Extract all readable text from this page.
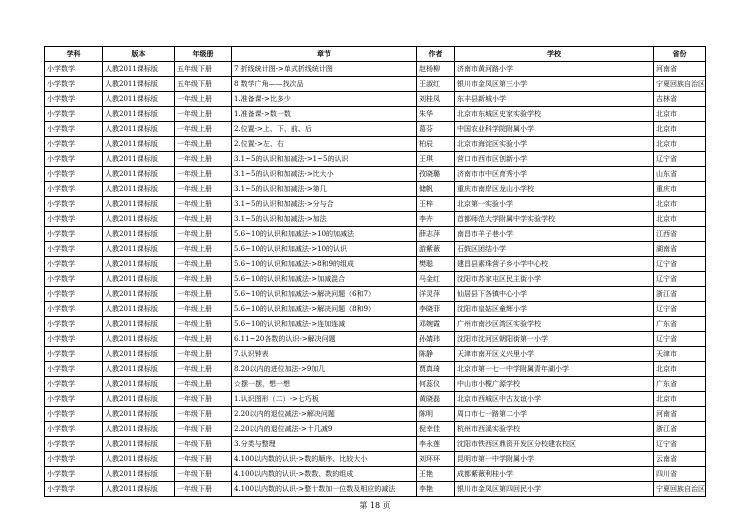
学科	版本	年级册	章节	作者	学校	省份
小学数学	人教2011课标版	五年级下册	7 折线统计图->单式折线统计图	赵杨柳	济南市黄河路小学	河南省
小学数学	人教2011课标版	五年级下册	8 数学广角——找次品	王淑红	银川市金凤区第三小学	宁夏回族自治区
小学数学	人教2011课标版	一年级上册	1.准备课->比多少	刘桂凤	东丰县新城小学	吉林省
小学数学	人教2011课标版	一年级上册	1.准备课->数一数	朱华	北京市东城区史家实验学校	北京市
小学数学	人教2011课标版	一年级上册	2.位置->上、下、前、后	葛芬	中国农业科学院附属小学	北京市
小学数学	人教2011课标版	一年级上册	2.位置->左、右	柏辰	北京市海淀区实验小学	北京市
小学数学	人教2011课标版	一年级上册	3.1~5的认识和加减法->1~5的认识	王琪	营口市西市区创新小学	辽宁省
小学数学	人教2011课标版	一年级上册	3.1~5的认识和加减法->比大小	孜晓璐	济南市市中区育秀小学	山东省
小学数学	人教2011课标版	一年级上册	3.1~5的认识和加减法->第几	储帆	重庆市南岸区龙山小学校	重庆市
小学数学	人教2011课标版	一年级上册	3.1~5的认识和加减法->分与合	王梓	北京第一实验小学	北京市
小学数学	人教2011课标版	一年级上册	3.1~5的认识和加减法->加法	李卉	首都师范大学附属中学实验学校	北京市
小学数学	人教2011课标版	一年级上册	5.6~10的认识和加减法->10的加减法	薛志萍	南昌市羊子巷小学	江西省
小学数学	人教2011课标版	一年级上册	5.6~10的认识和加减法->10的认识	游紫薇	石鼓区团结小学	湖南省
小学数学	人教2011课标版	一年级上册	5.6~10的认识和加减法->8和9的组成	樊聪	建昌县素珠营子乡小学中心校	辽宁省
小学数学	人教2011课标版	一年级上册	5.6~10的认识和加减法->加减混合	马金红	沈阳市苏家屯区民主街小学	辽宁省
小学数学	人教2011课标版	一年级上册	5.6~10的认识和加减法->解决问题（6和7）	洋灵萍	仙居县下各镇中心小学	浙江省
小学数学	人教2011课标版	一年级上册	5.6~10的认识和加减法->解决问题（8和9）	李晓菲	沈阳市皇姑区童辉小学	辽宁省
小学数学	人教2011课标版	一年级上册	5.6~10的认识和加减法->连加连减	邓婉霞	广州市南沙区湾区实验学校	广东省
小学数学	人教2011课标版	一年级上册	6.11~20各数的认识->解决问题	孙婧玮	沈阳市沈河区朝阳街第一小学	辽宁省
小学数学	人教2011课标版	一年级上册	7.认识钟表	陈静	天津市南开区义兴里小学	天津市
小学数学	人教2011课标版	一年级上册	8.20以内的进位加法->9加几	贾真琦	北京市第一七一中学附属青年湖小学	北京市
小学数学	人教2011课标版	一年级上册	☆摆一摆，想一想	何蕊仪	中山市小榄广源学校	广东省
小学数学	人教2011课标版	一年级下册	1.认识图形（二）->七巧板	黄晓磊	北京市西城区中古友谊小学	北京市
小学数学	人教2011课标版	一年级下册	2.20以内的退位减法->解决问题	陈明	周口市七一路第二小学	河南省
小学数学	人教2011课标版	一年级下册	2.20以内的退位减法->十几减9	倪幸佳	杭州市西溪实验学校	浙江省
小学数学	人教2011课标版	一年级下册	3.分类与整理	李永莲	沈阳市铁西区鼎资开发区分校建农校区	辽宁省
小学数学	人教2011课标版	一年级下册	4.100以内数的认识->数的顺序、比较大小	刘环环	昆明市第一中学附属小学	云南省
小学数学	人教2011课标版	一年级下册	4.100以内数的认识->数数、数的组成	王艳	成都紫薇利桂小学	四川省
小学数学	人教2011课标版	一年级下册	4.100以内数的认识->整十数加一位数及相应的减法	李艳	银川市金凤区第四回民小学	宁夏回族自治区
第 18 页
